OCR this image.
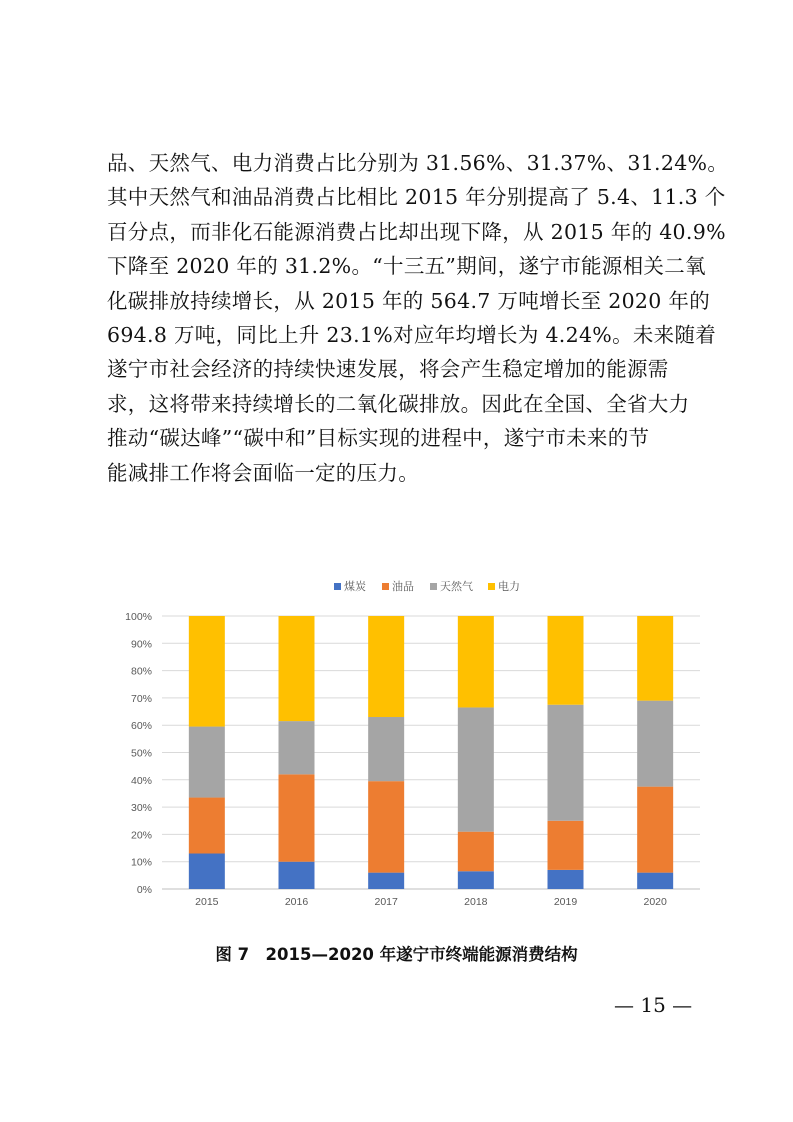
品、天然气、电力消费占比分别为 31.56%、31.37%、31.24%。
其中天然气和油品消费占比相比 2015 年分别提高了 5.4、11.3 个
百分点，而非化石能源消费占比却出现下降，从 2015 年的 40.9%
下降至 2020 年的 31.2%。“十三五”期间，遂宁市能源相关二氧
化碳排放持续增长，从 2015 年的 564.7 万吨增长至 2020 年的
694.8 万吨，同比上升 23.1%对应年均增长为 4.24%。未来随着
遂宁市社会经济的持续快速发展，将会产生稳定增加的能源需
求，这将带来持续增长的二氧化碳排放。因此在全国、全省大力
推动“碳达峰”“碳中和”目标实现的进程中，遂宁市未来的节
能减排工作将会面临一定的压力。
0%
10%
20%
30%
40%
50%
60%
70%
80%
90%
100%
2015	2016	2017	2018	2019	2020
煤炭 油品 天然气 电力
图 7　2015—2020 年遂宁市终端能源消费结构
— 15 —
